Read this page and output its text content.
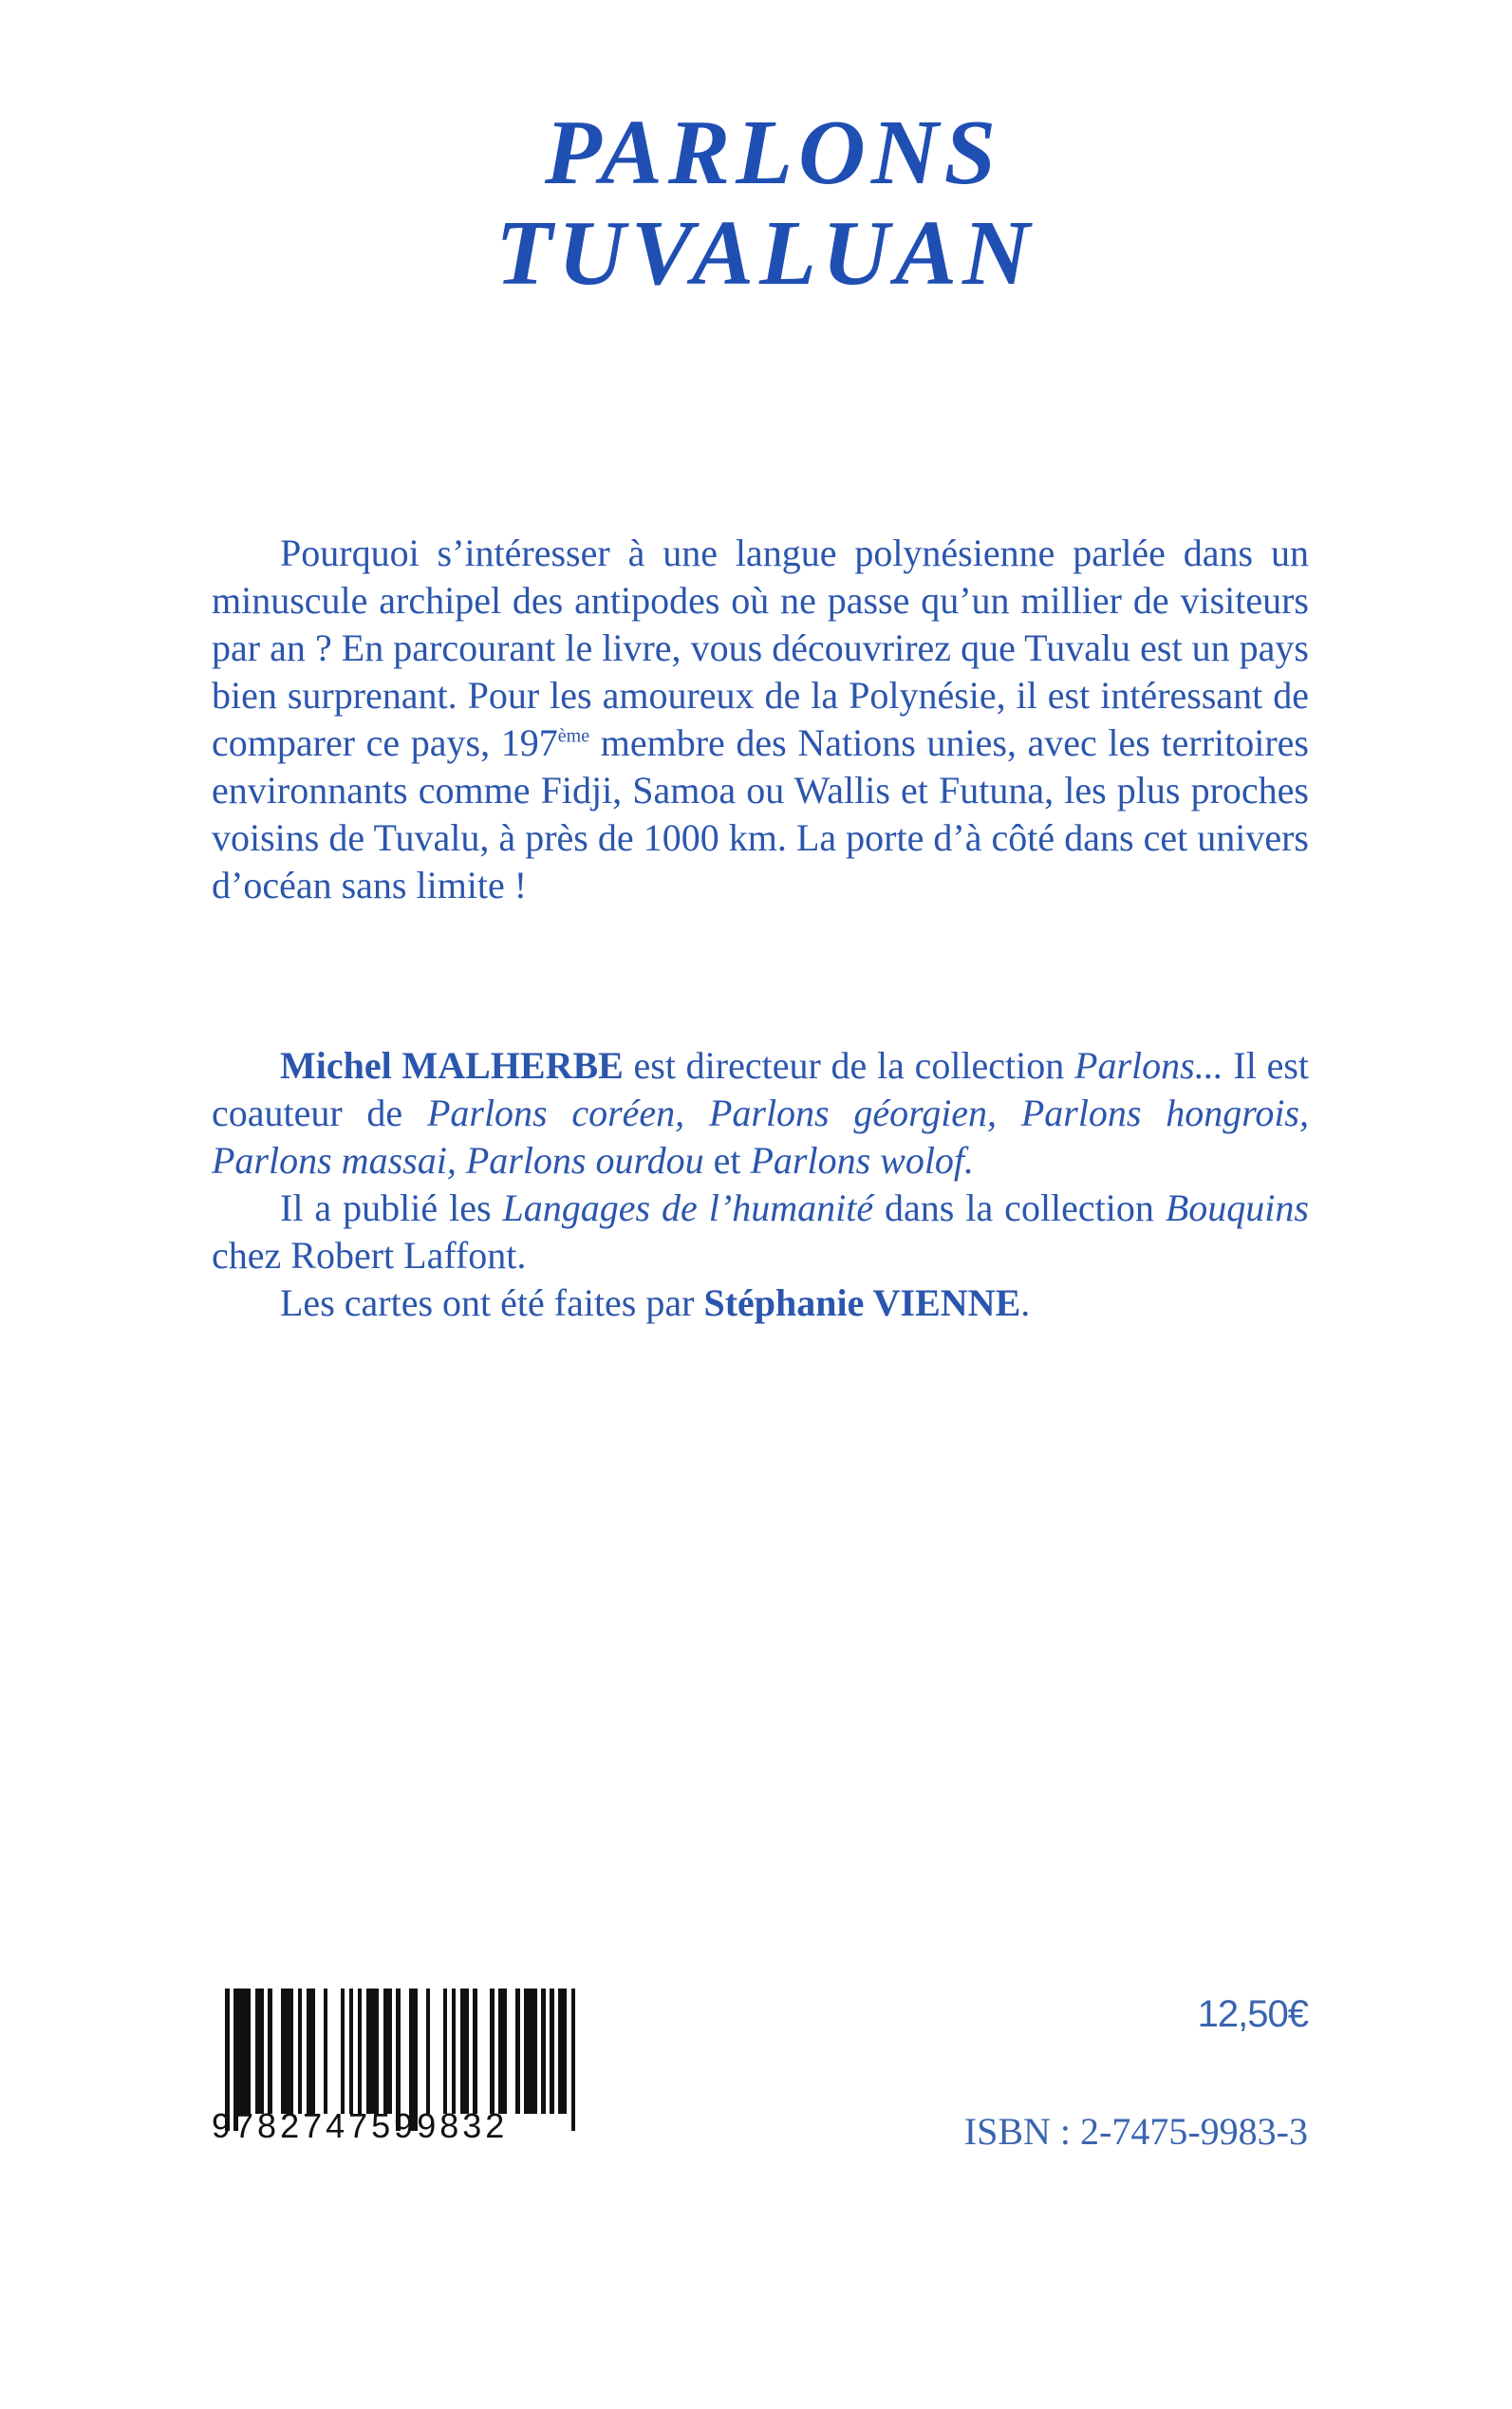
PARLONS
TUVALUAN

Pourquoi s’intéresser à une langue polynésienne parlée dans un minuscule archipel des antipodes où ne passe qu’un millier de visiteurs par an ? En parcourant le livre, vous découvrirez que Tuvalu est un pays bien surprenant. Pour les amoureux de la Polynésie, il est intéressant de comparer ce pays, 197ème membre des Nations unies, avec les territoires environnants comme Fidji, Samoa ou Wallis et Futuna, les plus proches voisins de Tuvalu, à près de 1000 km. La porte d’à côté dans cet univers d’océan sans limite !

Michel MALHERBE est directeur de la collection Parlons... Il est coauteur de Parlons coréen, Parlons géorgien, Parlons hongrois, Parlons massai, Parlons ourdou et Parlons wolof.

Il a publié les Langages de l’humanité dans la collection Bouquins chez Robert Laffont.

Les cartes ont été faites par Stéphanie VIENNE.

9782747599832
12,50€
ISBN : 2-7475-9983-3
